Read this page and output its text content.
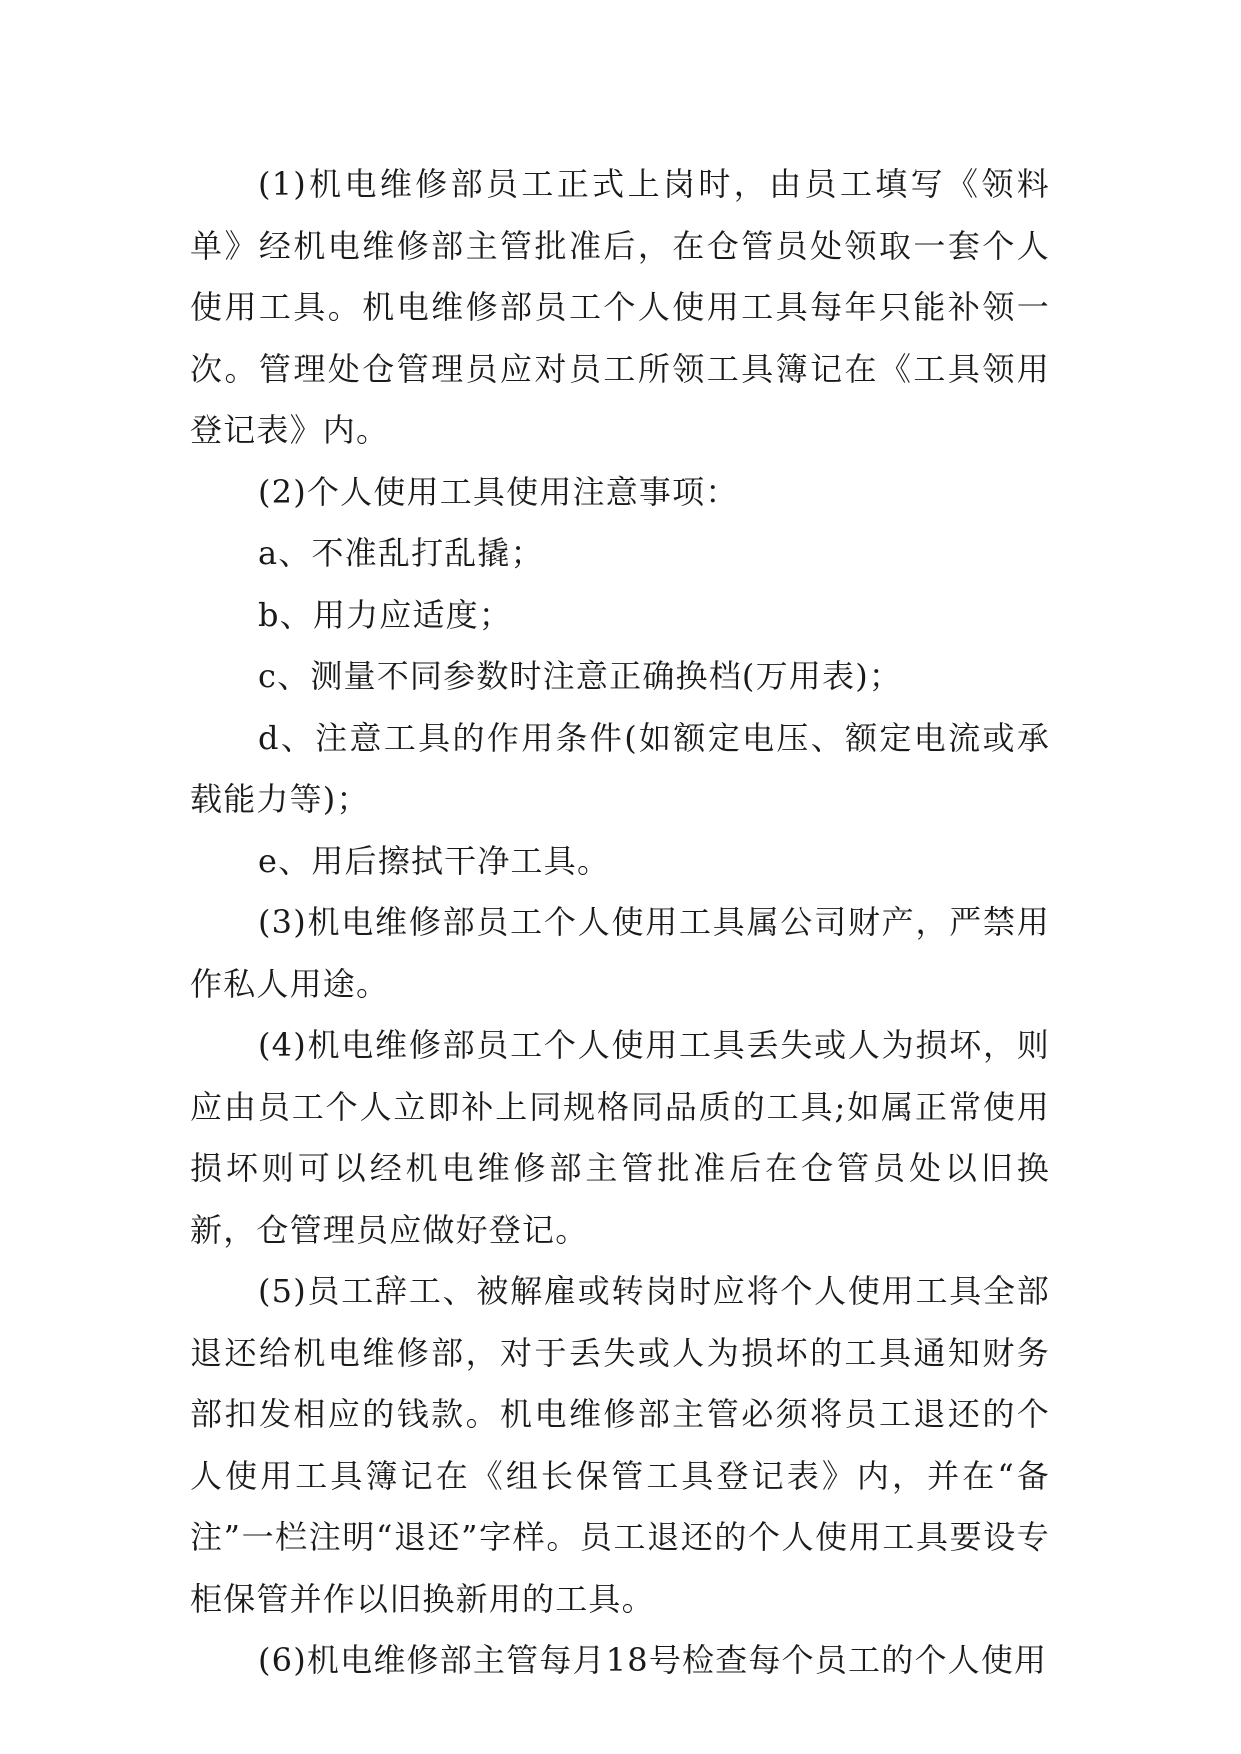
(1)机电维修部员工正式上岗时，由员工填写《领料单》经机电维修部主管批准后，在仓管员处领取一套个人使用工具。机电维修部员工个人使用工具每年只能补领一次。管理处仓管理员应对员工所领工具簿记在《工具领用登记表》内。

(2)个人使用工具使用注意事项：

a、不准乱打乱撬；

b、用力应适度；

c、测量不同参数时注意正确换档(万用表)；

d、注意工具的作用条件(如额定电压、额定电流或承载能力等)；

e、用后擦拭干净工具。

(3)机电维修部员工个人使用工具属公司财产，严禁用作私人用途。

(4)机电维修部员工个人使用工具丢失或人为损坏，则应由员工个人立即补上同规格同品质的工具;如属正常使用损坏则可以经机电维修部主管批准后在仓管员处以旧换新，仓管理员应做好登记。

(5)员工辞工、被解雇或转岗时应将个人使用工具全部退还给机电维修部，对于丢失或人为损坏的工具通知财务部扣发相应的钱款。机电维修部主管必须将员工退还的个人使用工具簿记在《组长保管工具登记表》内，并在“备注”一栏注明“退还”字样。员工退还的个人使用工具要设专柜保管并作以旧换新用的工具。

(6)机电维修部主管每月18号检查每个员工的个人使用
